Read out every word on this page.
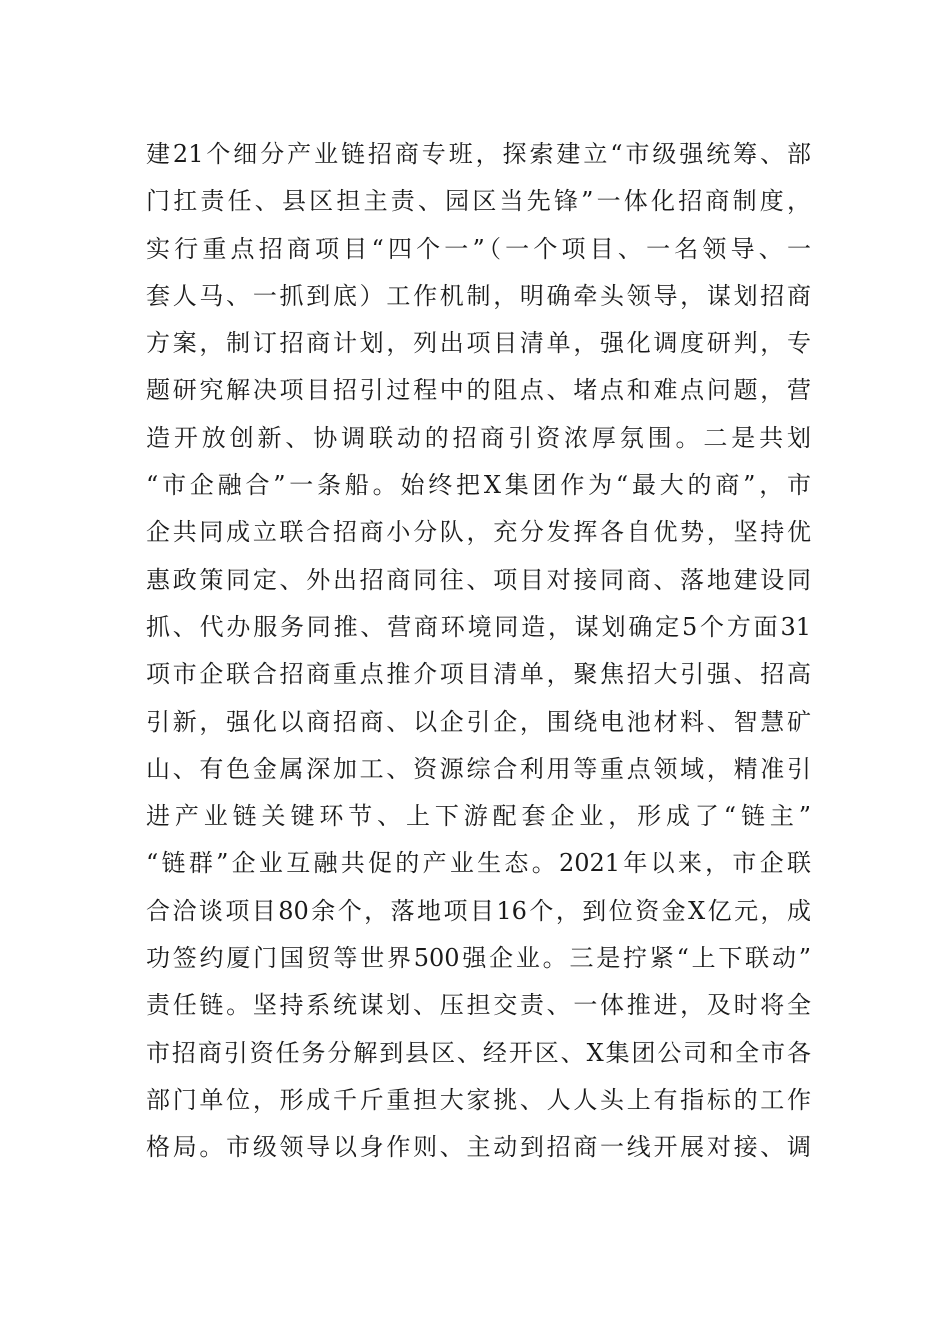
建21个细分产业链招商专班，探索建立“市级强统筹、部
门扛责任、县区担主责、园区当先锋”一体化招商制度，
实行重点招商项目“四个一”（一个项目、一名领导、一
套人马、一抓到底）工作机制，明确牵头领导，谋划招商
方案，制订招商计划，列出项目清单，强化调度研判，专
题研究解决项目招引过程中的阻点、堵点和难点问题，营
造开放创新、协调联动的招商引资浓厚氛围。二是共划
“市企融合”一条船。始终把X集团作为“最大的商”，市
企共同成立联合招商小分队，充分发挥各自优势，坚持优
惠政策同定、外出招商同往、项目对接同商、落地建设同
抓、代办服务同推、营商环境同造，谋划确定5个方面31
项市企联合招商重点推介项目清单，聚焦招大引强、招高
引新，强化以商招商、以企引企，围绕电池材料、智慧矿
山、有色金属深加工、资源综合利用等重点领域，精准引
进产业链关键环节、上下游配套企业，形成了“链主”
“链群”企业互融共促的产业生态。2021年以来，市企联
合洽谈项目80余个，落地项目16个，到位资金X亿元，成
功签约厦门国贸等世界500强企业。三是拧紧“上下联动”
责任链。坚持系统谋划、压担交责、一体推进，及时将全
市招商引资任务分解到县区、经开区、X集团公司和全市各
部门单位，形成千斤重担大家挑、人人头上有指标的工作
格局。市级领导以身作则、主动到招商一线开展对接、调
